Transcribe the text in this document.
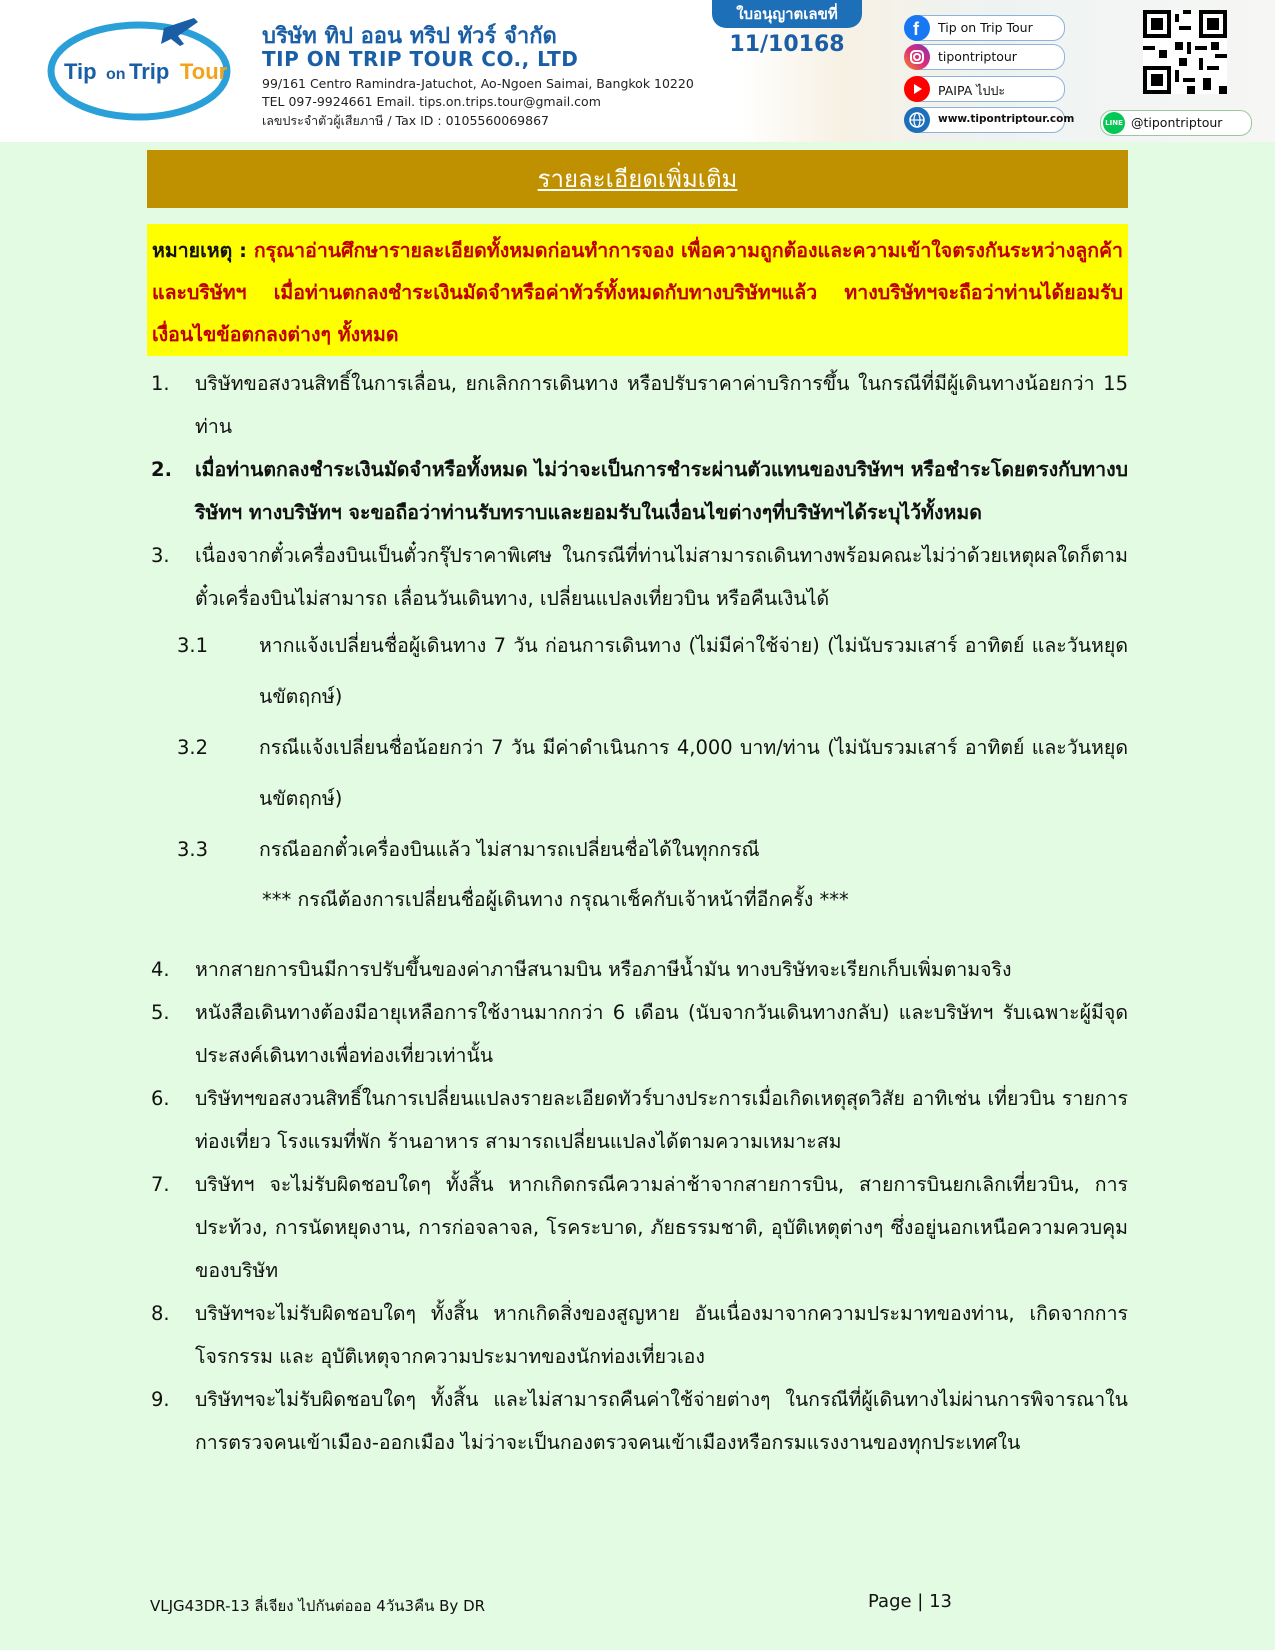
Tip on Trip Tour
บริษัท ทิป ออน ทริป ทัวร์ จำกัด
TIP ON TRIP TOUR CO., LTD
99/161 Centro Ramindra-Jatuchot, Ao-Ngoen Saimai, Bangkok 10220
TEL 097-9924661 Email. tips.on.trips.tour@gmail.com
เลขประจำตัวผู้เสียภาษี / Tax ID : 0105560069867
ใบอนุญาตเลขที่
11/10168
f Tip on Trip Tour
tipontriptour
PAIPA ไปปะ
www.tipontriptour.com	LINE @tipontriptour
รายละเอียดเพิ่มเติม
หมายเหตุ : กรุณาอ่านศึกษารายละเอียดทั้งหมดก่อนทำการจอง เพื่อความถูกต้องและความเข้าใจตรงกันระหว่างลูกค้าและบริษัทฯ เมื่อท่านตกลงชำระเงินมัดจำหรือค่าทัวร์ทั้งหมดกับทางบริษัทฯแล้ว ทางบริษัทฯจะถือว่าท่านได้ยอมรับเงื่อนไขข้อตกลงต่างๆ ทั้งหมด
1. บริษัทขอสงวนสิทธิ์ในการเลื่อน, ยกเลิกการเดินทาง หรือปรับราคาค่าบริการขึ้น ในกรณีที่มีผู้เดินทางน้อยกว่า 15 ท่าน
2. เมื่อท่านตกลงชำระเงินมัดจำหรือทั้งหมด ไม่ว่าจะเป็นการชำระผ่านตัวแทนของบริษัทฯ หรือชำระโดยตรงกับทางบริษัทฯ ทางบริษัทฯ จะขอถือว่าท่านรับทราบและยอมรับในเงื่อนไขต่างๆที่บริษัทฯได้ระบุไว้ทั้งหมด
3. เนื่องจากตั๋วเครื่องบินเป็นตั๋วกรุ๊ปราคาพิเศษ ในกรณีที่ท่านไม่สามารถเดินทางพร้อมคณะไม่ว่าด้วยเหตุผลใดก็ตาม ตั๋วเครื่องบินไม่สามารถ เลื่อนวันเดินทาง, เปลี่ยนแปลงเที่ยวบิน หรือคืนเงินได้
3.1	หากแจ้งเปลี่ยนชื่อผู้เดินทาง 7 วัน ก่อนการเดินทาง (ไม่มีค่าใช้จ่าย) (ไม่นับรวมเสาร์ อาทิตย์ และวันหยุดนขัตฤกษ์)
3.2	กรณีแจ้งเปลี่ยนชื่อน้อยกว่า 7 วัน มีค่าดำเนินการ 4,000 บาท/ท่าน (ไม่นับรวมเสาร์ อาทิตย์ และวันหยุดนขัตฤกษ์)
3.3	กรณีออกตั๋วเครื่องบินแล้ว ไม่สามารถเปลี่ยนชื่อได้ในทุกกรณี
*** กรณีต้องการเปลี่ยนชื่อผู้เดินทาง กรุณาเช็คกับเจ้าหน้าที่อีกครั้ง ***
4. หากสายการบินมีการปรับขึ้นของค่าภาษีสนามบิน หรือภาษีน้ำมัน ทางบริษัทจะเรียกเก็บเพิ่มตามจริง
5. หนังสือเดินทางต้องมีอายุเหลือการใช้งานมากกว่า 6 เดือน (นับจากวันเดินทางกลับ) และบริษัทฯ รับเฉพาะผู้มีจุดประสงค์เดินทางเพื่อท่องเที่ยวเท่านั้น
6. บริษัทฯขอสงวนสิทธิ์ในการเปลี่ยนแปลงรายละเอียดทัวร์บางประการเมื่อเกิดเหตุสุดวิสัย อาทิเช่น เที่ยวบิน รายการท่องเที่ยว โรงแรมที่พัก ร้านอาหาร สามารถเปลี่ยนแปลงได้ตามความเหมาะสม
7. บริษัทฯ จะไม่รับผิดชอบใดๆ ทั้งสิ้น หากเกิดกรณีความล่าช้าจากสายการบิน, สายการบินยกเลิกเที่ยวบิน, การประท้วง, การนัดหยุดงาน, การก่อจลาจล, โรคระบาด, ภัยธรรมชาติ, อุบัติเหตุต่างๆ ซึ่งอยู่นอกเหนือความควบคุมของบริษัท
8. บริษัทฯจะไม่รับผิดชอบใดๆ ทั้งสิ้น หากเกิดสิ่งของสูญหาย อันเนื่องมาจากความประมาทของท่าน, เกิดจากการโจรกรรม และ อุบัติเหตุจากความประมาทของนักท่องเที่ยวเอง
9. บริษัทฯจะไม่รับผิดชอบใดๆ ทั้งสิ้น และไม่สามารถคืนค่าใช้จ่ายต่างๆ ในกรณีที่ผู้เดินทางไม่ผ่านการพิจารณาในการตรวจคนเข้าเมือง-ออกเมือง ไม่ว่าจะเป็นกองตรวจคนเข้าเมืองหรือกรมแรงงานของทุกประเทศใน
VLJG43DR-13 ลี่เจียง ไปกันต่อออ 4วัน3คืน By DR	Page | 13
